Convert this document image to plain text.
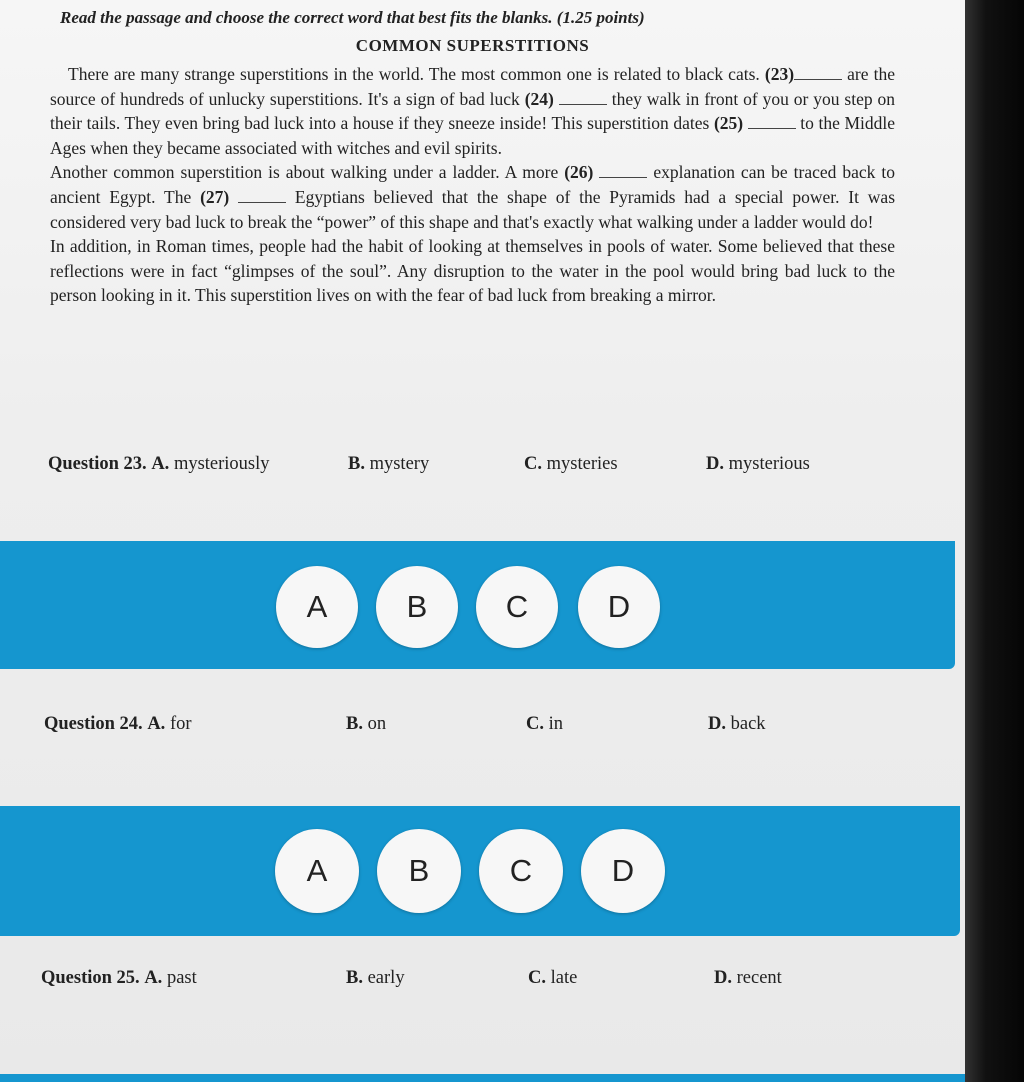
Read the passage and choose the correct word that best fits the blanks. (1.25 points)
COMMON SUPERSTITIONS

There are many strange superstitions in the world. The most common one is related to black cats. (23)	are the source of hundreds of unlucky superstitions. It's a sign of bad luck (24)	they walk in front of you or you step on their tails. They even bring bad luck into a house if they sneeze inside! This superstition dates (25)	to the Middle Ages when they became associated with witches and evil spirits.

Another common superstition is about walking under a ladder. A more (26)	explanation can be traced back to ancient Egypt. The (27)	Egyptians believed that the shape of the Pyramids had a special power. It was considered very bad luck to break the “power” of this shape and that's exactly what walking under a ladder would do!

In addition, in Roman times, people had the habit of looking at themselves in pools of water. Some believed that these reflections were in fact “glimpses of the soul”. Any disruption to the water in the pool would bring bad luck to the person looking in it. This superstition lives on with the fear of bad luck from breaking a mirror.

Question 23. A. mysteriously	B. mystery	C. mysteries	D. mysterious
A	B	C	D
Question 24. A. for	B. on	C. in	D. back
A	B	C	D
Question 25. A. past	B. early	C. late	D. recent
